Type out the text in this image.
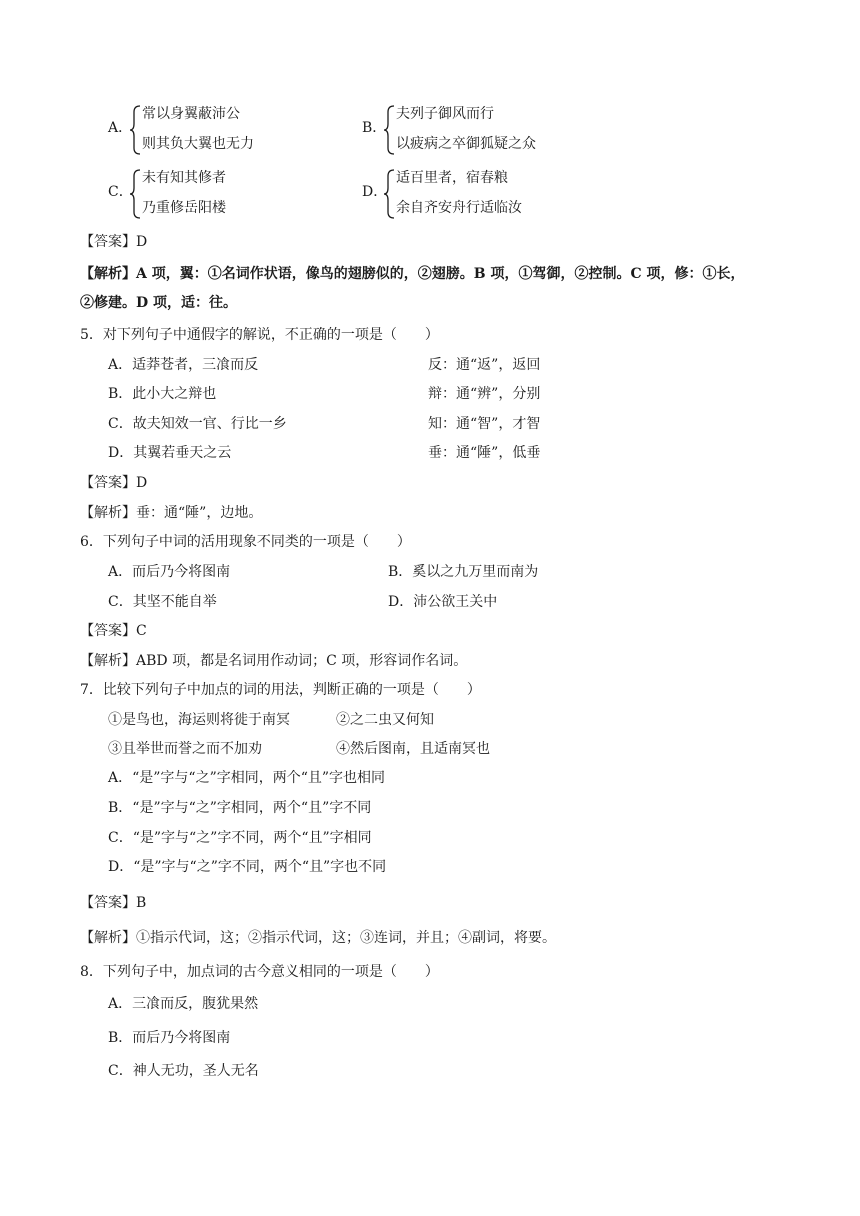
A．
常以身翼蔽沛公
则其负大翼也无力
B．
夫列子御风而行
以疲病之卒御狐疑之众
C．
未有知其修者
乃重修岳阳楼
D．
适百里者，宿春粮
余自齐安舟行适临汝
【答案】D
【解析】A 项，翼：①名词作状语，像鸟的翅膀似的，②翅膀。B 项，①驾御，②控制。C 项，修：①长，
②修建。D 项，适：往。
5．对下列句子中通假字的解说，不正确的一项是（　　）
A．适莽苍者，三飡而反	反：通“返”，返回
B．此小大之辩也	辩：通“辨”，分别
C．故夫知效一官、行比一乡	知：通“智”，才智
D．其翼若垂天之云	垂：通“陲”，低垂
【答案】D
【解析】垂：通“陲”，边地。
6．下列句子中词的活用现象不同类的一项是（　　）
A．而后乃今将图南	B．奚以之九万里而南为
C．其坚不能自举	D．沛公欲王关中
【答案】C
【解析】ABD 项，都是名词用作动词；C 项，形容词作名词。
7．比较下列句子中加点的词的用法，判断正确的一项是（　　）
①是鸟也，海运则将徙于南冥	②之二虫又何知
③且举世而誉之而不加劝	④然后图南，且适南冥也
A．“是”字与“之”字相同，两个“且”字也相同
B．“是”字与“之”字相同，两个“且”字不同
C．“是”字与“之”字不同，两个“且”字相同
D．“是”字与“之”字不同，两个“且”字也不同
【答案】B
【解析】①指示代词，这；②指示代词，这；③连词，并且；④副词，将要。
8．下列句子中，加点词的古今意义相同的一项是（　　）
A．三飡而反，腹犹果然
B．而后乃今将图南
C．神人无功，圣人无名
